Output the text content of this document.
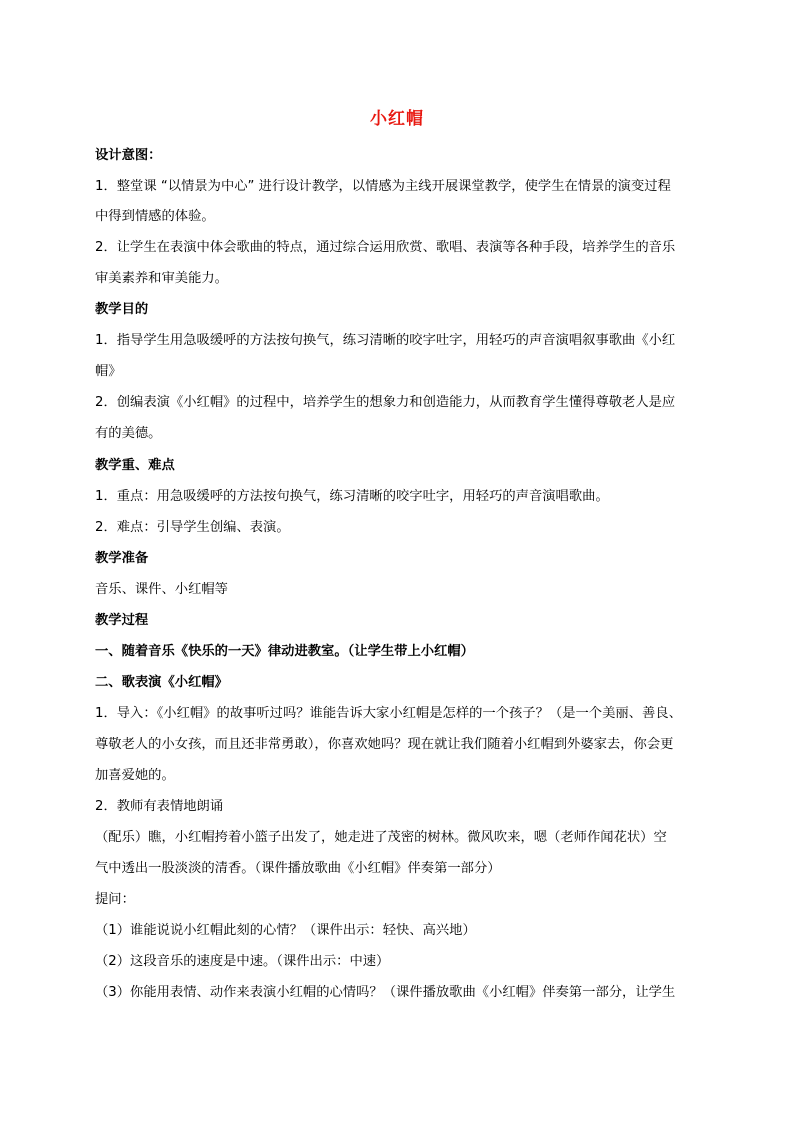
小红帽
设计意图：
1．整堂课 “以情景为中心” 进行设计教学，以情感为主线开展课堂教学，使学生在情景的演变过程
中得到情感的体验。
2．让学生在表演中体会歌曲的特点，通过综合运用欣赏、歌唱、表演等各种手段，培养学生的音乐
审美素养和审美能力。
教学目的
1．指导学生用急吸缓呼的方法按句换气，练习清晰的咬字吐字，用轻巧的声音演唱叙事歌曲《小红
帽》
2．创编表演《小红帽》的过程中，培养学生的想象力和创造能力，从而教育学生懂得尊敬老人是应
有的美德。
教学重、难点
1．重点：用急吸缓呼的方法按句换气，练习清晰的咬字吐字，用轻巧的声音演唱歌曲。
2．难点：引导学生创编、表演。
教学准备
音乐、课件、小红帽等
教学过程
一、随着音乐《快乐的一天》律动进教室。（让学生带上小红帽）
二、歌表演《小红帽》
1．导入：《小红帽》的故事听过吗？谁能告诉大家小红帽是怎样的一个孩子？（是一个美丽、善良、
尊敬老人的小女孩，而且还非常勇敢），你喜欢她吗？现在就让我们随着小红帽到外婆家去，你会更
加喜爱她的。
2．教师有表情地朗诵
（配乐）瞧，小红帽挎着小篮子出发了，她走进了茂密的树林。微风吹来，嗯（老师作闻花状）空
气中透出一股淡淡的清香。（课件播放歌曲《小红帽》伴奏第一部分）
提问：
（1）谁能说说小红帽此刻的心情？（课件出示：轻快、高兴地）
（2）这段音乐的速度是中速。（课件出示：中速）
（3）你能用表情、动作来表演小红帽的心情吗？（课件播放歌曲《小红帽》伴奏第一部分，让学生
